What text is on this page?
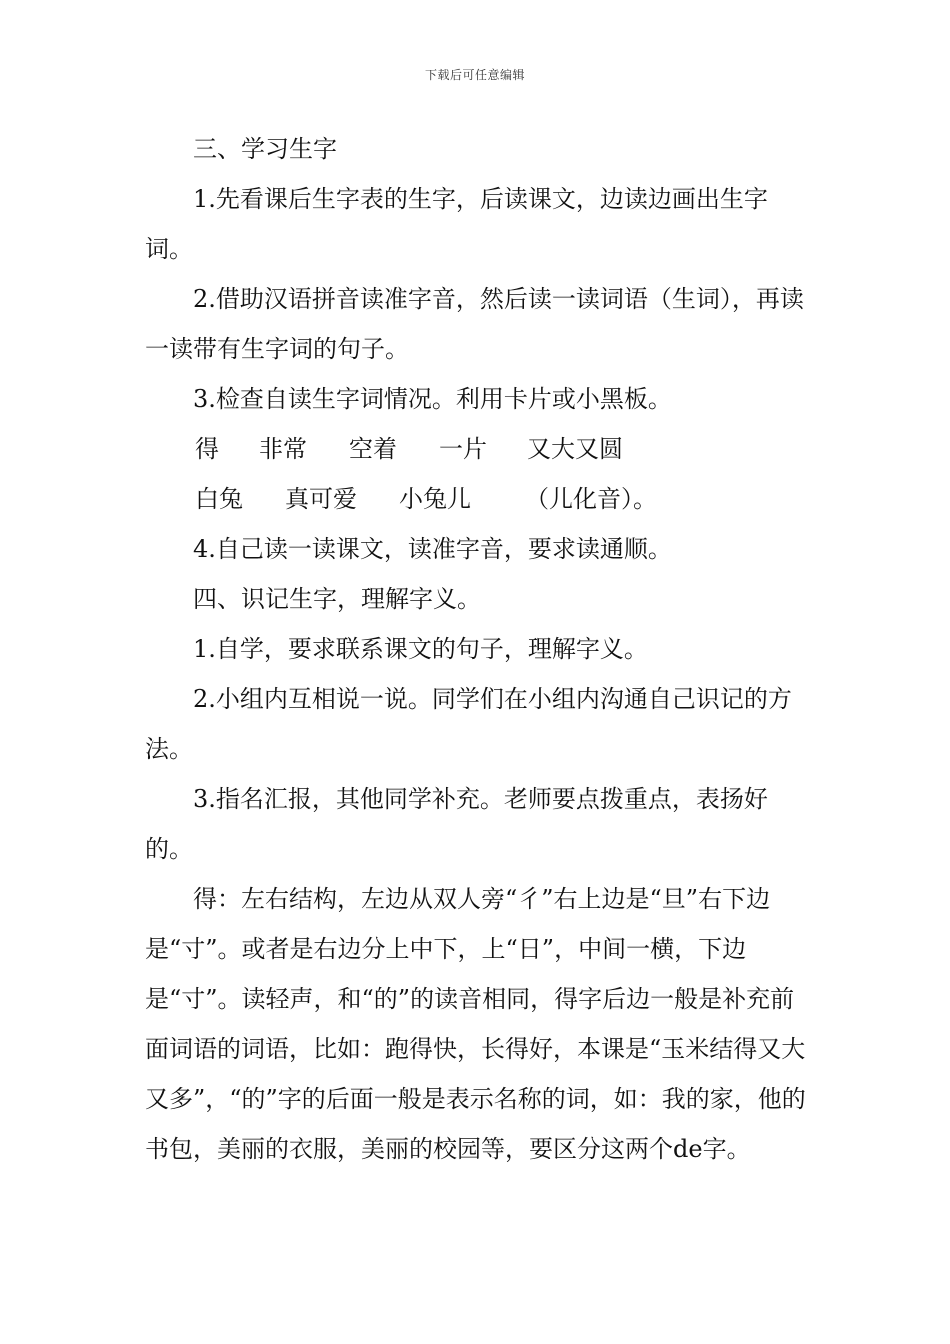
下载后可任意编辑

三、学习生字

1.先看课后生字表的生字，后读课文，边读边画出生字词。

2.借助汉语拼音读准字音，然后读一读词语（生词），再读一读带有生字词的句子。

3.检查自读生字词情况。利用卡片或小黑板。

得	非常	空着	一片	又大又圆
白兔	真可爱	小兔儿	（儿化音）。

4.自己读一读课文，读准字音，要求读通顺。

四、识记生字，理解字义。

1.自学，要求联系课文的句子，理解字义。

2.小组内互相说一说。同学们在小组内沟通自己识记的方法。

3.指名汇报，其他同学补充。老师要点拨重点，表扬好的。

得：左右结构，左边从双人旁“彳”右上边是“旦”右下边是“寸”。或者是右边分上中下，上“日”，中间一横，下边是“寸”。读轻声，和“的”的读音相同，得字后边一般是补充前面词语的词语，比如：跑得快，长得好，本课是“玉米结得又大又多”，“的”字的后面一般是表示名称的词，如：我的家，他的书包，美丽的衣服，美丽的校园等，要区分这两个de字。
